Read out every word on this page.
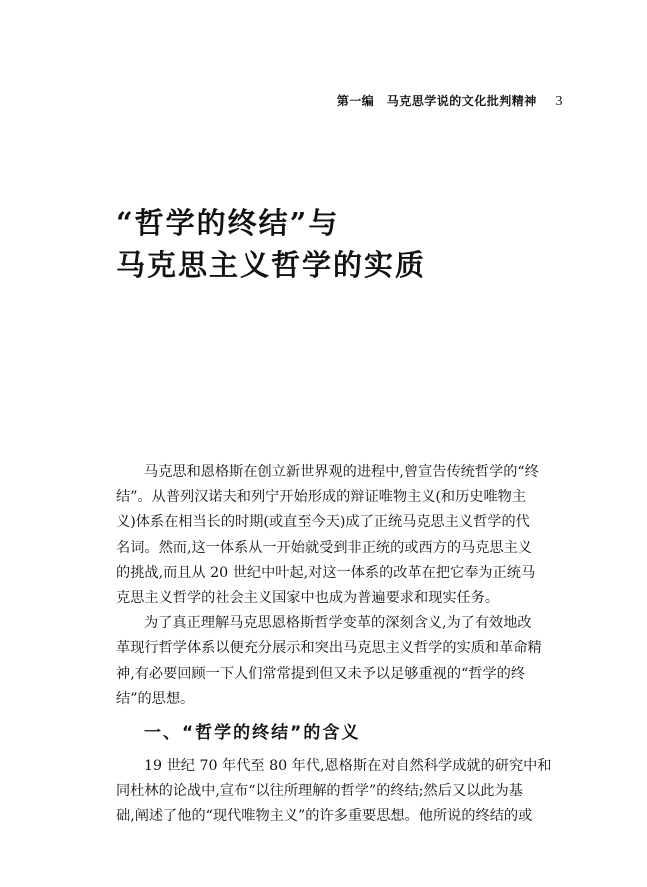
第一编　马克思学说的文化批判精神 3
“哲学的终结”与
马克思主义哲学的实质

马克思和恩格斯在创立新世界观的进程中,曾宣告传统哲学的“终
结”。从普列汉诺夫和列宁开始形成的辩证唯物主义(和历史唯物主
义)体系在相当长的时期(或直至今天)成了正统马克思主义哲学的代
名词。然而,这一体系从一开始就受到非正统的或西方的马克思主义
的挑战,而且从 20 世纪中叶起,对这一体系的改革在把它奉为正统马
克思主义哲学的社会主义国家中也成为普遍要求和现实任务。

为了真正理解马克思恩格斯哲学变革的深刻含义,为了有效地改
革现行哲学体系以便充分展示和突出马克思主义哲学的实质和革命精
神,有必要回顾一下人们常常提到但又未予以足够重视的“哲学的终
结”的思想。

一、“哲学的终结”的含义

19 世纪 70 年代至 80 年代,恩格斯在对自然科学成就的研究中和
同杜林的论战中,宣布“以往所理解的哲学”的终结;然后又以此为基
础,阐述了他的“现代唯物主义”的许多重要思想。他所说的终结的或
